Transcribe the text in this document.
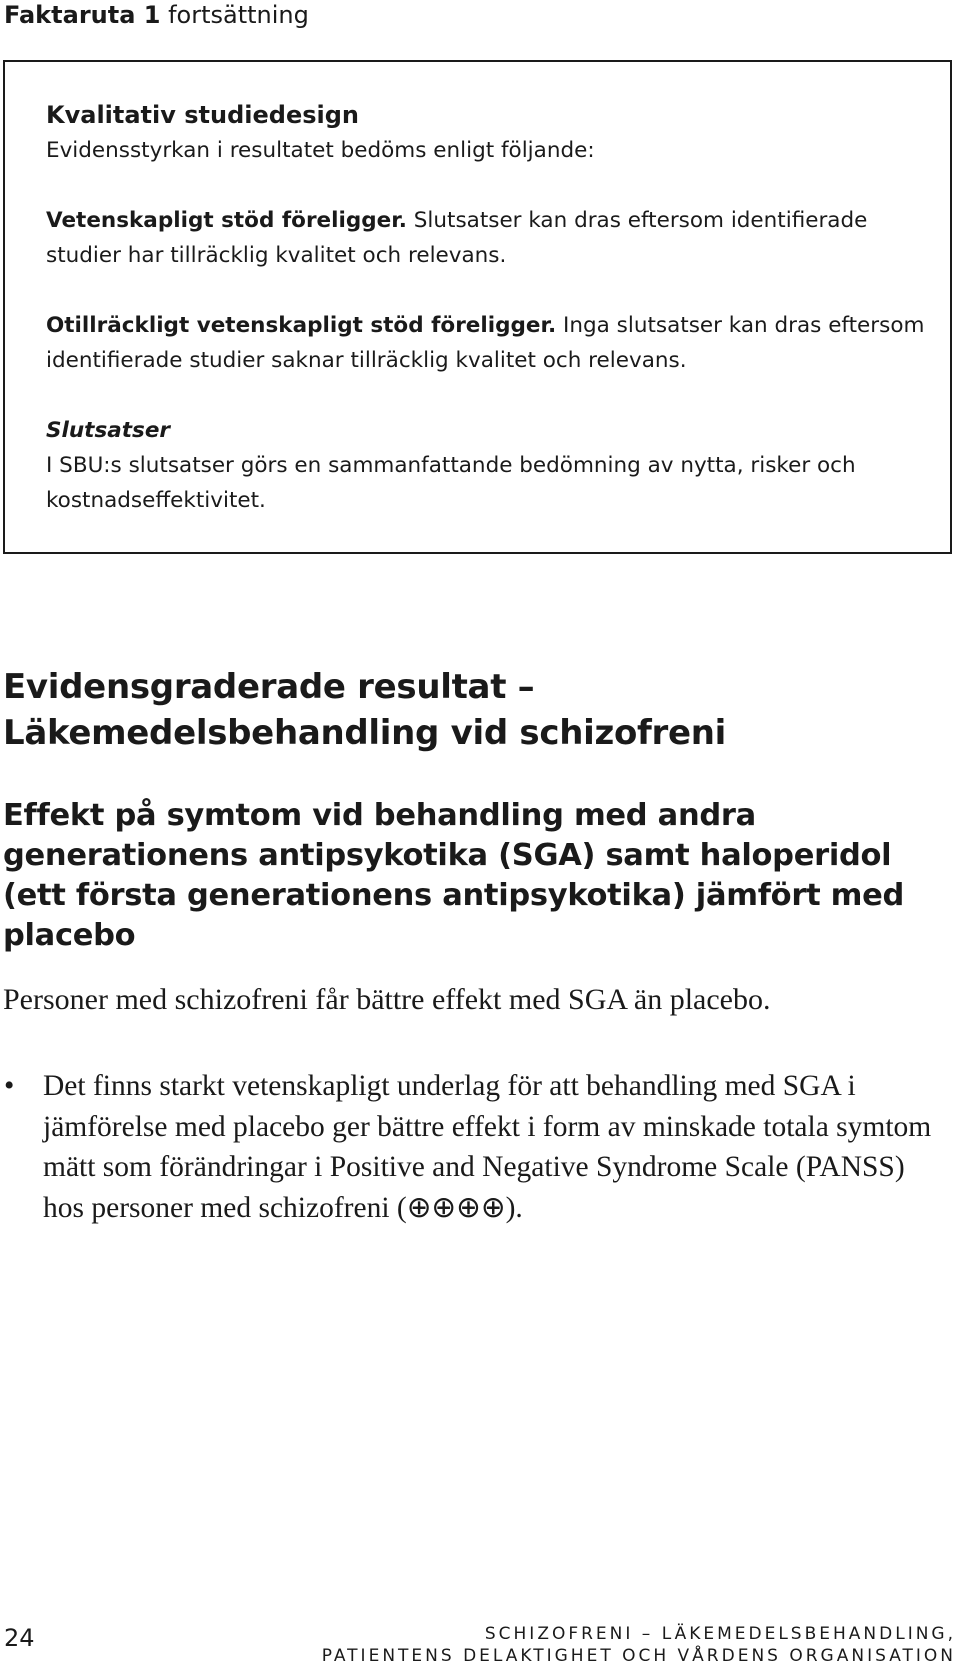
Faktaruta 1 fortsättning

Kvalitativ studiedesign

Evidensstyrkan i resultatet bedöms enligt följande:

Vetenskapligt stöd föreligger. Slutsatser kan dras eftersom identifierade studier har tillräcklig kvalitet och relevans.

Otillräckligt vetenskapligt stöd föreligger. Inga slutsatser kan dras eftersom identifierade studier saknar tillräcklig kvalitet och relevans.

Slutsatser

I SBU:s slutsatser görs en sammanfattande bedömning av nytta, risker och kostnadseffektivitet.

Evidensgraderade resultat – Läkemedelsbehandling vid schizofreni
Effekt på symtom vid behandling med andra generationens antipsykotika (SGA) samt haloperidol (ett första generationens antipsykotika) jämfört med placebo

Personer med schizofreni får bättre effekt med SGA än placebo.

• Det finns starkt vetenskapligt underlag för att behandling med SGA i jämförelse med placebo ger bättre effekt i form av minskade totala symtom mätt som förändringar i Positive and Negative Syndrome Scale (PANSS) hos personer med schizofreni (⊕⊕⊕⊕).
24	SCHIZOFRENI – LÄKEMEDELSBEHANDLING,
PATIENTENS DELAKTIGHET OCH VÅRDENS ORGANISATION
